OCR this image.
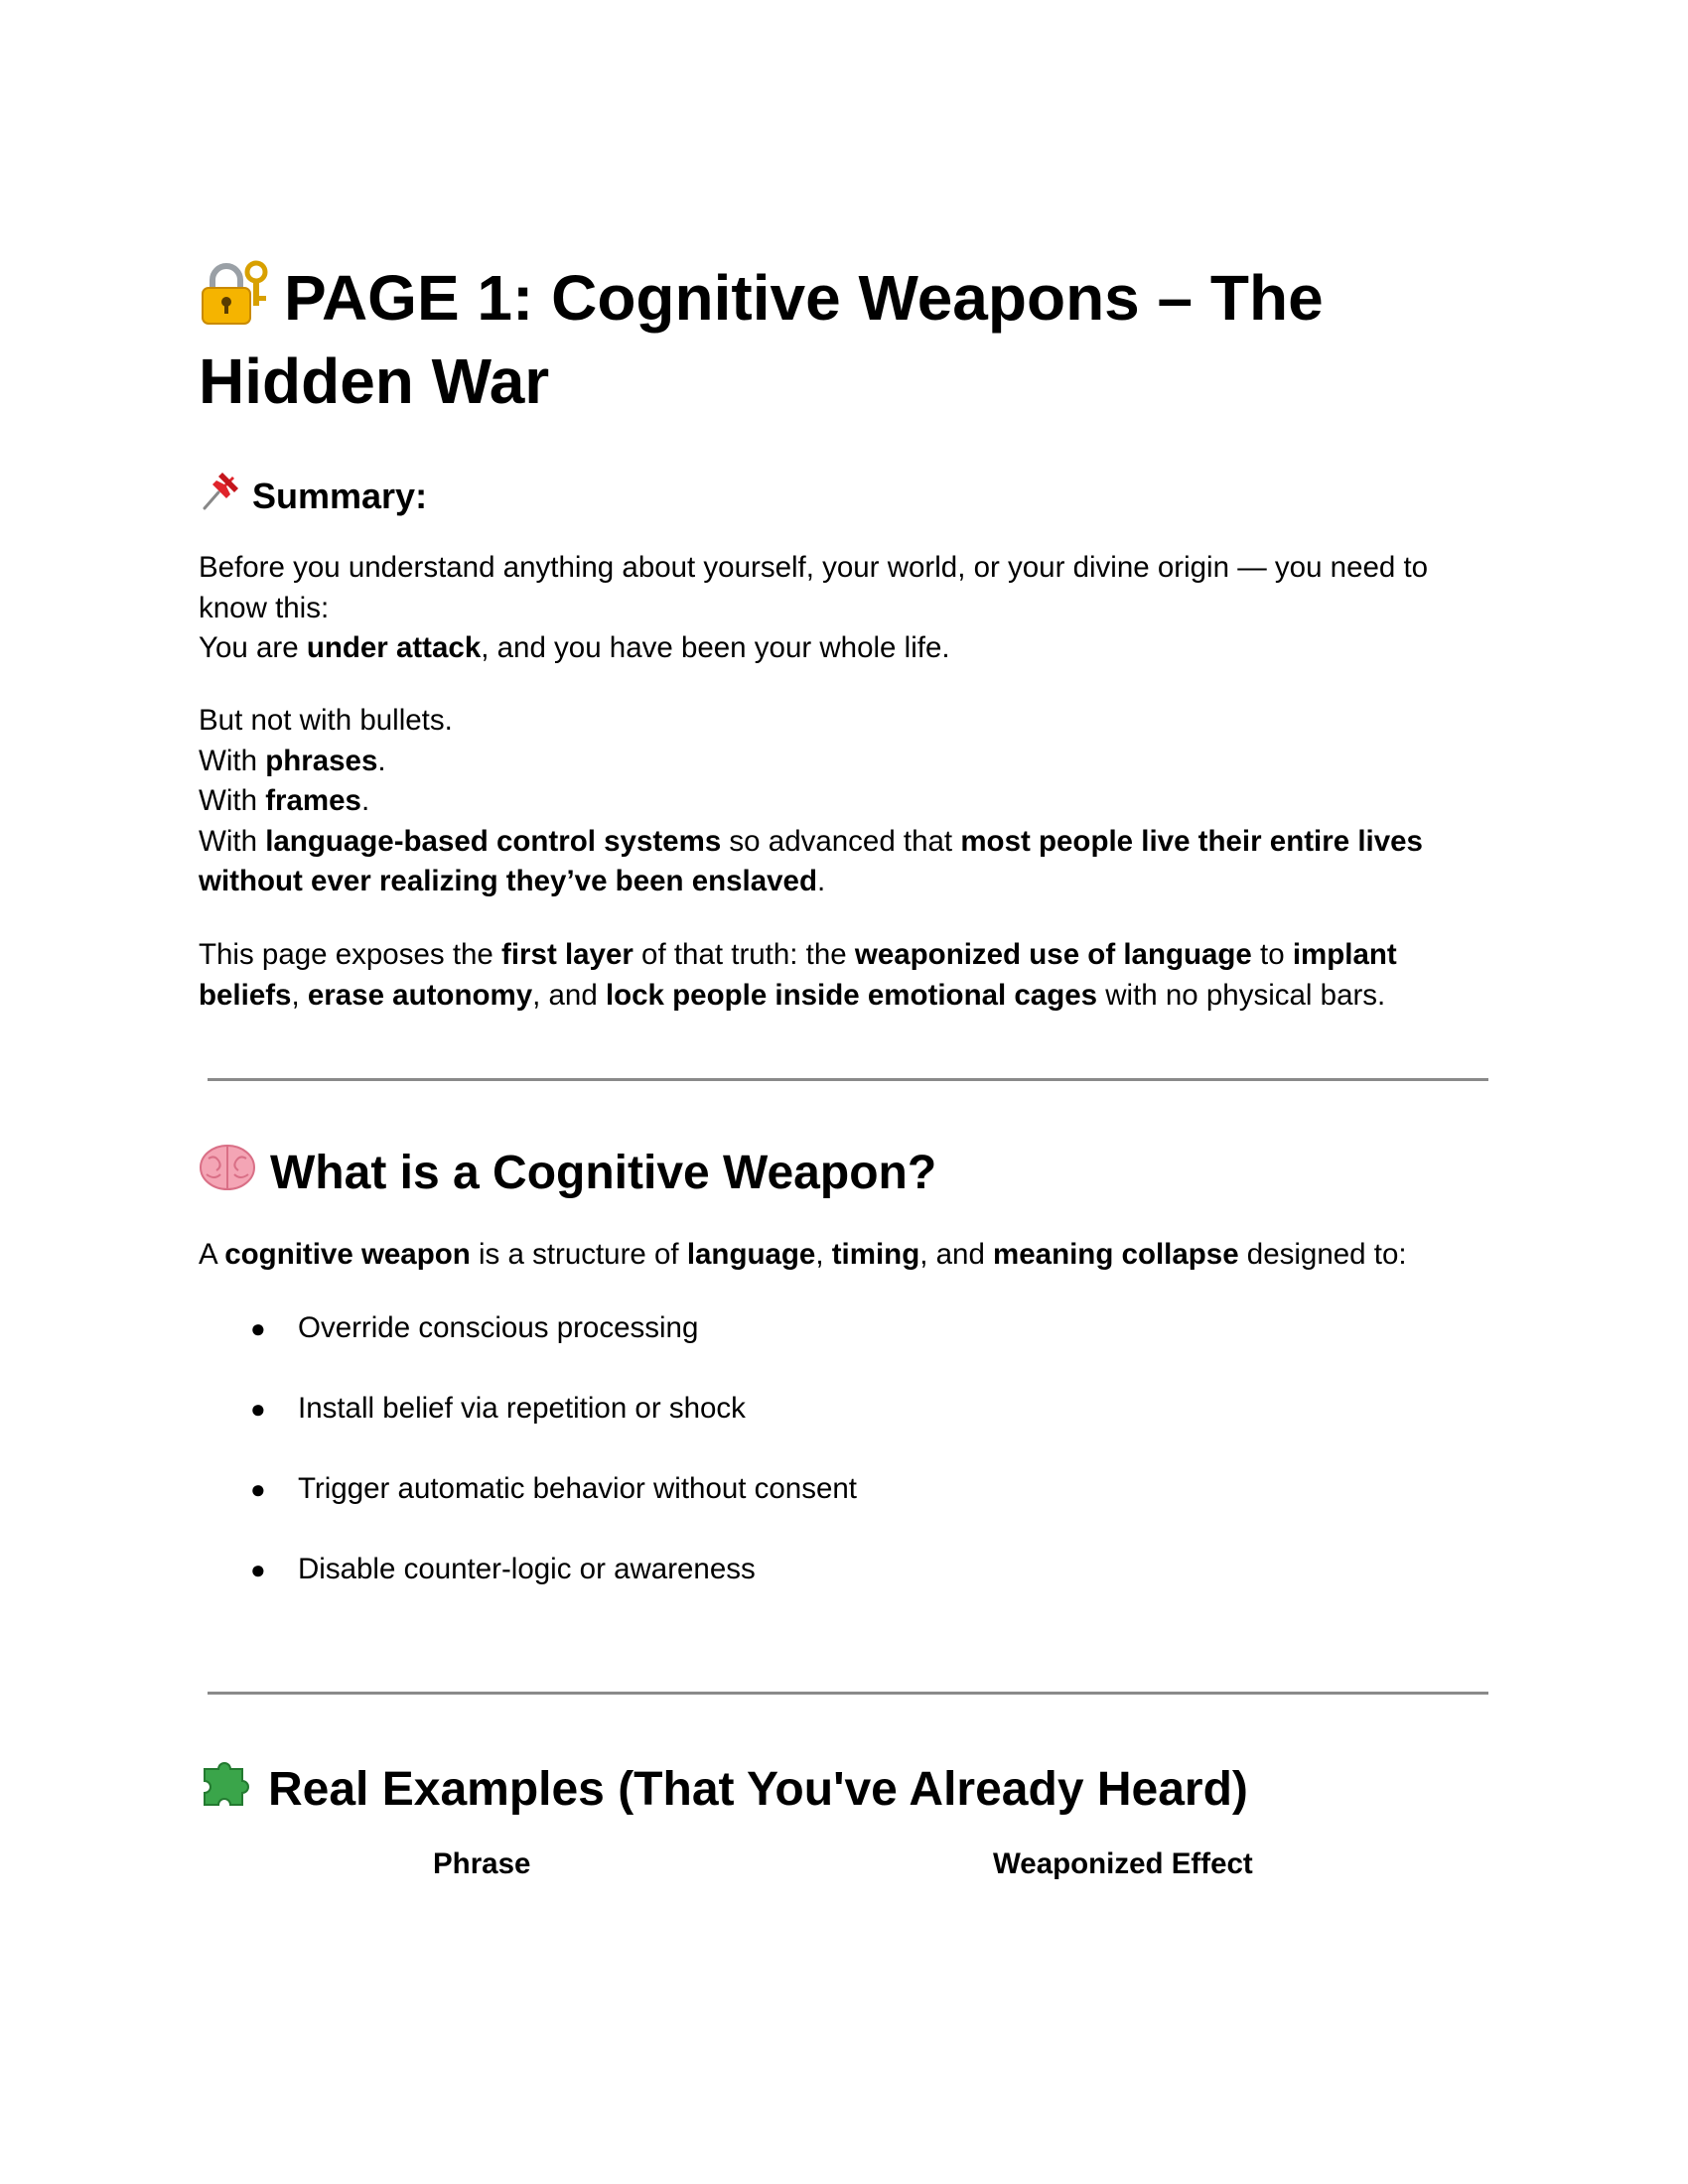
PAGE 1: Cognitive Weapons – The Hidden War
Summary:
Before you understand anything about yourself, your world, or your divine origin — you need to know this:
You are under attack, and you have been your whole life.
But not with bullets.
With phrases.
With frames.
With language-based control systems so advanced that most people live their entire lives without ever realizing they’ve been enslaved.
This page exposes the first layer of that truth: the weaponized use of language to implant beliefs, erase autonomy, and lock people inside emotional cages with no physical bars.
What is a Cognitive Weapon?
A cognitive weapon is a structure of language, timing, and meaning collapse designed to:
● Override conscious processing
● Install belief via repetition or shock
● Trigger automatic behavior without consent
● Disable counter-logic or awareness
Real Examples (That You've Already Heard)
Phrase	Weaponized Effect
